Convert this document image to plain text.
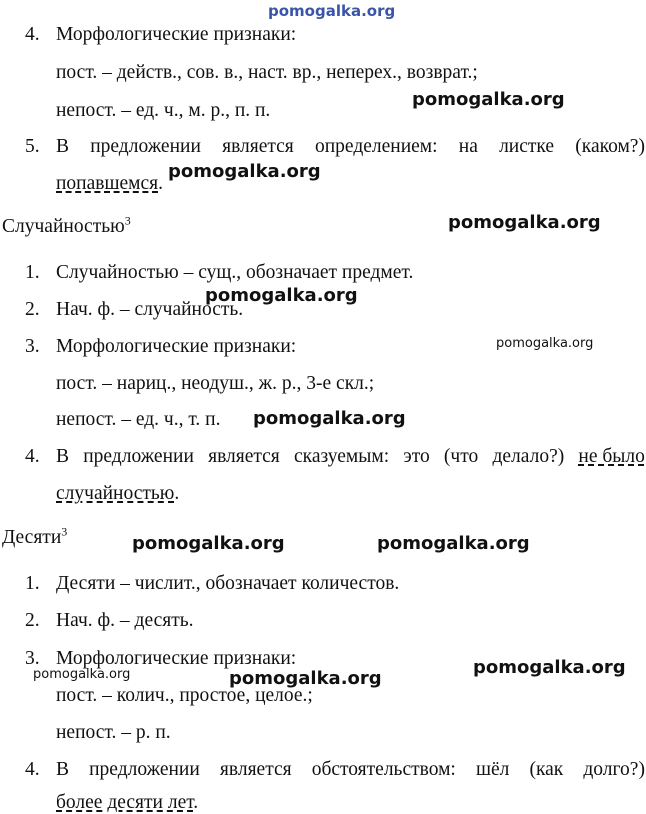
pomogalka.org
4. Морфологические признаки:
пост. – действ., сов. в., наст. вр., неперех., возврат.;
непост. – ед. ч., м. р., п. п.
5. В предложении является определением: на листке (каком?)
попавшемся.
Случайностью$^3$
1. Случайностью – сущ., обозначает предмет.
2. Нач. ф. – случайность.
3. Морфологические признаки:
пост. – нариц., неодуш., ж. р., 3-е скл.;
непост. – ед. ч., т. п.
4. В предложении является сказуемым: это (что делало?) не было
случайностью.
Десяти$^3$
1. Десяти – числит., обозначает количестов.
2. Нач. ф. – десять.
3. Морфологические признаки:
пост. – колич., простое, целое.;
непост. – р. п.
4. В предложении является обстоятельством: шёл (как долго?)
более десяти лет.
pomogalka.org
pomogalka.org
pomogalka.org
pomogalka.org
pomogalka.org
pomogalka.org
pomogalka.org	pomogalka.org
pomogalka.org
pomogalka.org	pomogalka.org
